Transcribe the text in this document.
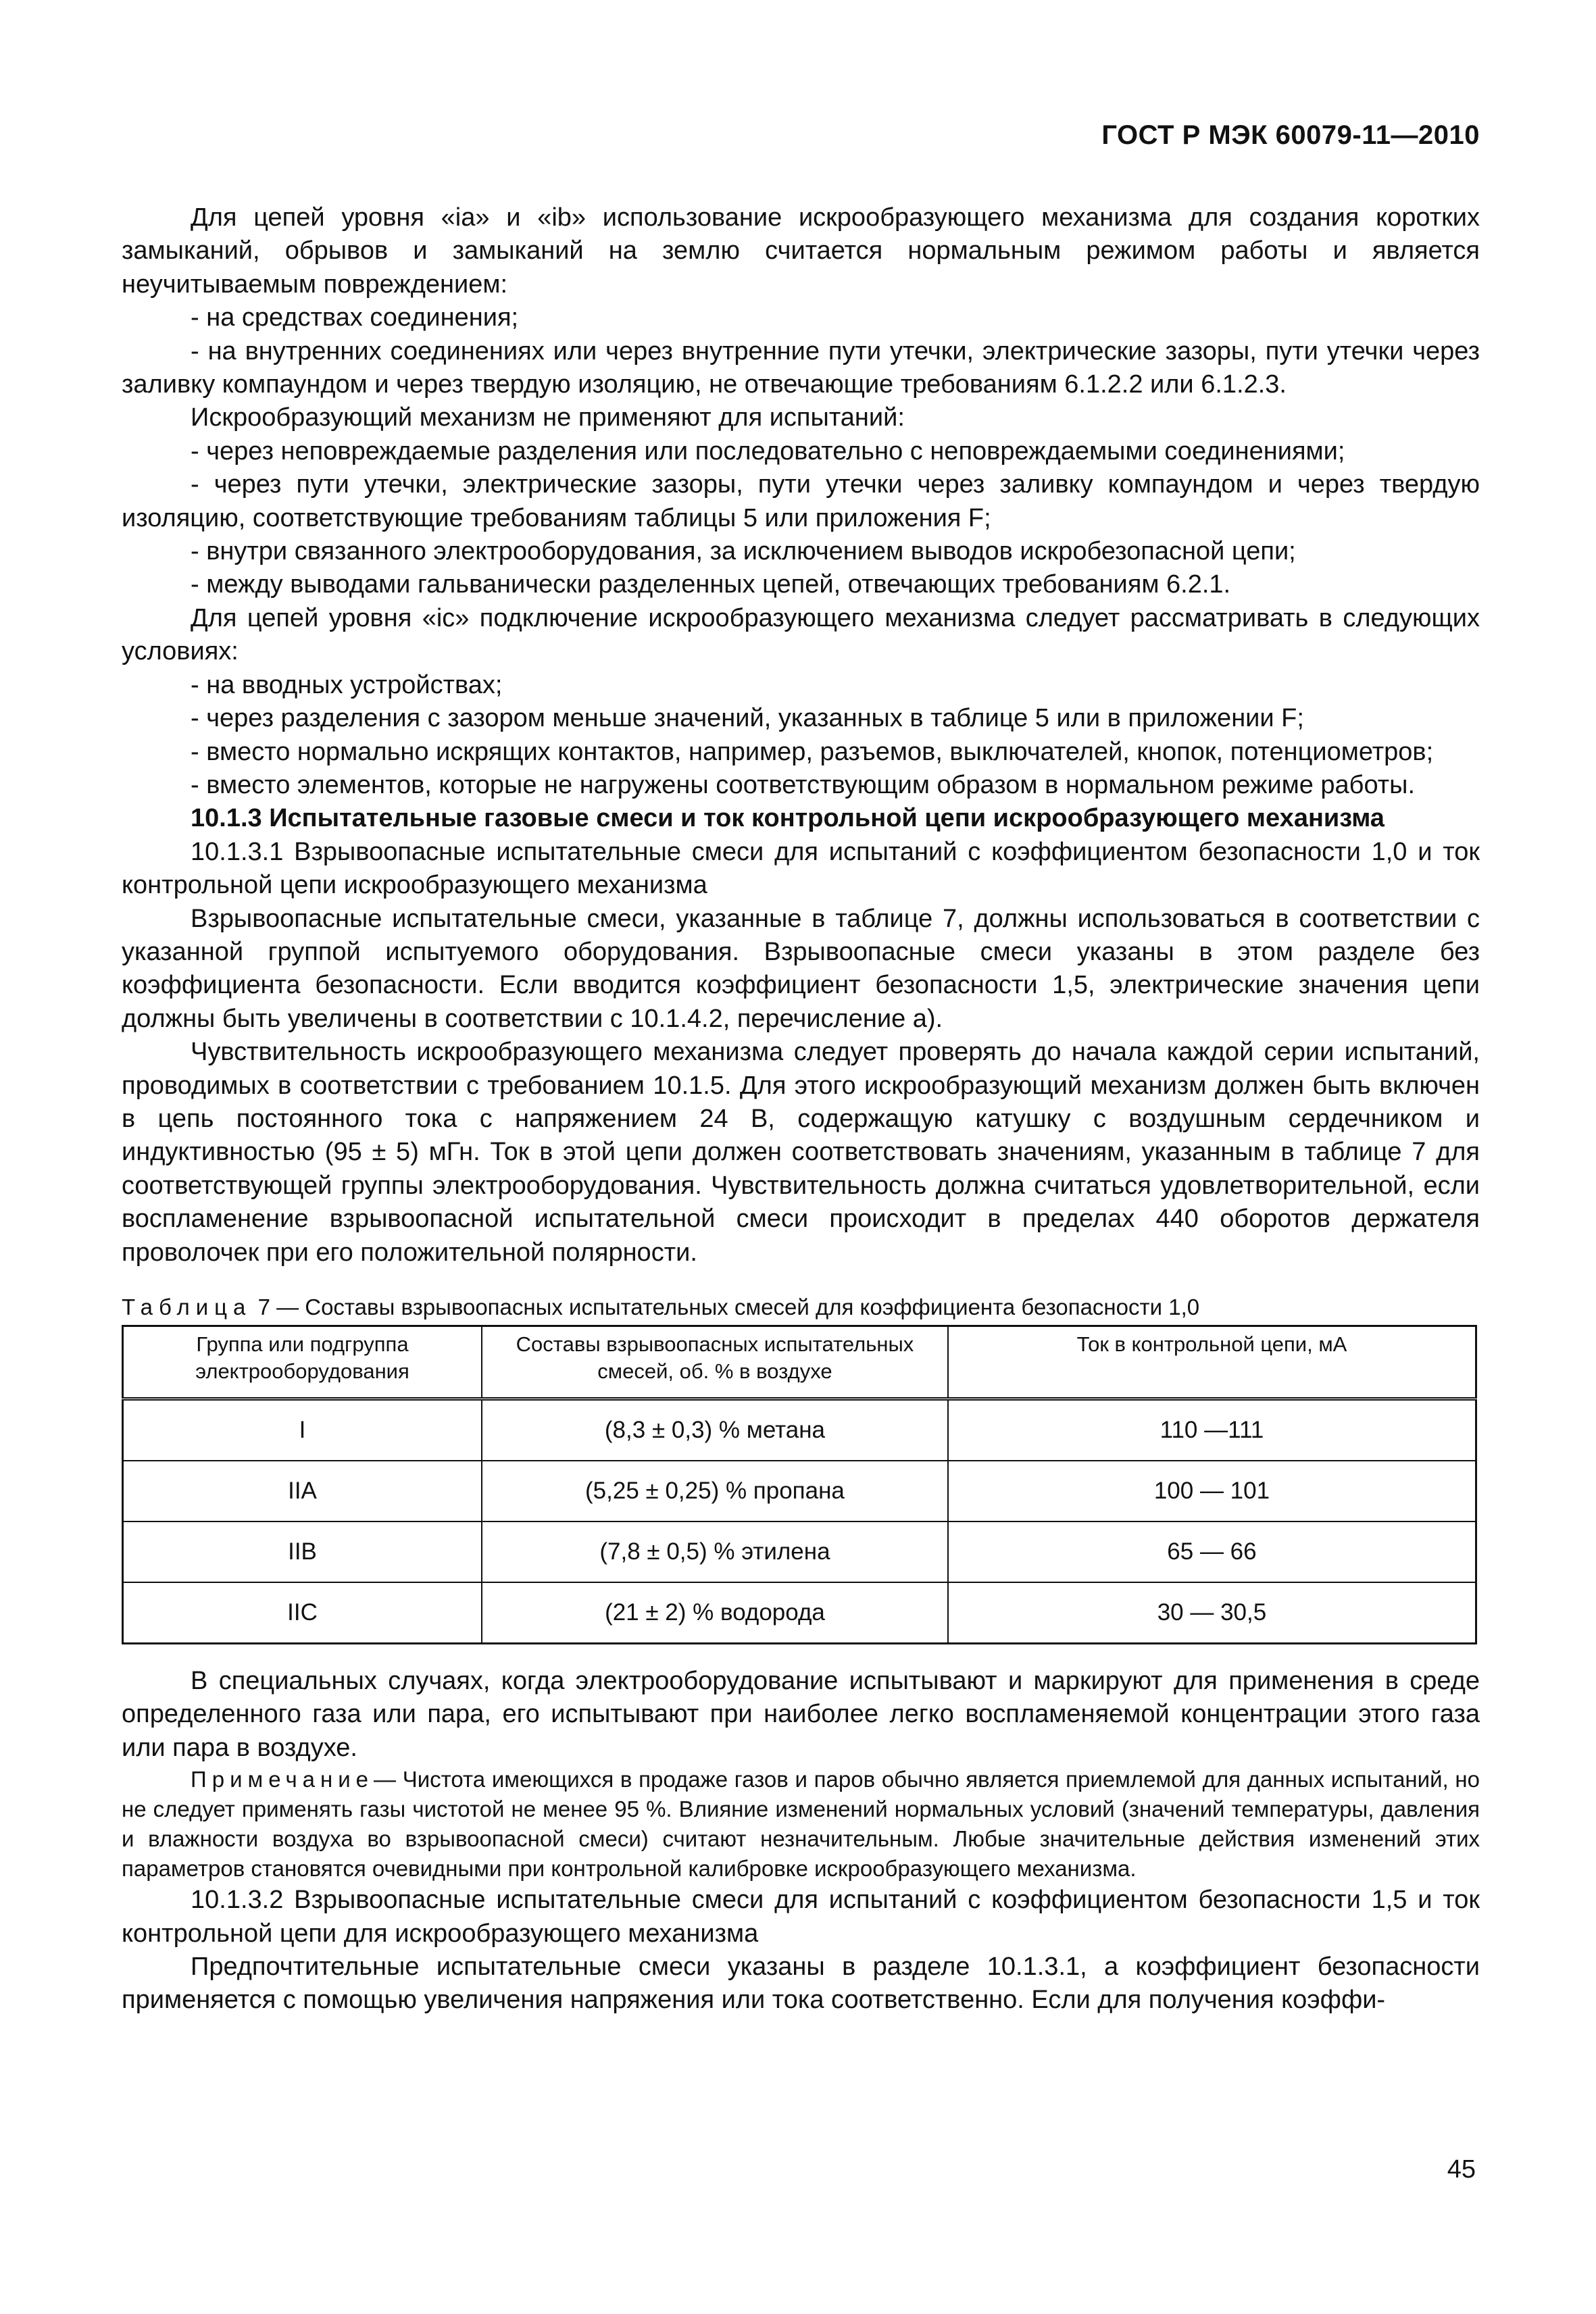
ГОСТ Р МЭК 60079-11—2010

Для цепей уровня «ia» и «ib» использование искрообразующего механизма для создания коротких замыканий, обрывов и замыканий на землю считается нормальным режимом работы и является неучитываемым повреждением:

- на средствах соединения;

- на внутренних соединениях или через внутренние пути утечки, электрические зазоры, пути утечки через заливку компаундом и через твердую изоляцию, не отвечающие требованиям 6.1.2.2 или 6.1.2.3.

Искрообразующий механизм не применяют для испытаний:

- через неповреждаемые разделения или последовательно с неповреждаемыми соединениями;

- через пути утечки, электрические зазоры, пути утечки через заливку компаундом и через твердую изоляцию, соответствующие требованиям таблицы 5 или приложения F;

- внутри связанного электрооборудования, за исключением выводов искробезопасной цепи;

- между выводами гальванически разделенных цепей, отвечающих требованиям 6.2.1.

Для цепей уровня «ic» подключение искрообразующего механизма следует рассматривать в следующих условиях:

- на вводных устройствах;

- через разделения с зазором меньше значений, указанных в таблице 5 или в приложении F;

- вместо нормально искрящих контактов, например, разъемов, выключателей, кнопок, потенциометров;

- вместо элементов, которые не нагружены соответствующим образом в нормальном режиме работы.

10.1.3 Испытательные газовые смеси и ток контрольной цепи искрообразующего механизма

10.1.3.1 Взрывоопасные испытательные смеси для испытаний с коэффициентом безопасности 1,0 и ток контрольной цепи искрообразующего механизма

Взрывоопасные испытательные смеси, указанные в таблице 7, должны использоваться в соответствии с указанной группой испытуемого оборудования. Взрывоопасные смеси указаны в этом разделе без коэффициента безопасности. Если вводится коэффициент безопасности 1,5, электрические значения цепи должны быть увеличены в соответствии с 10.1.4.2, перечисление а).

Чувствительность искрообразующего механизма следует проверять до начала каждой серии испытаний, проводимых в соответствии с требованием 10.1.5. Для этого искрообразующий механизм должен быть включен в цепь постоянного тока с напряжением 24 В, содержащую катушку с воздушным сердечником и индуктивностью (95 ± 5) мГн. Ток в этой цепи должен соответствовать значениям, указанным в таблице 7 для соответствующей группы электрооборудования. Чувствительность должна считаться удовлетворительной, если воспламенение взрывоопасной испытательной смеси происходит в пределах 440 оборотов держателя проволочек при его положительной полярности.

Таблица 7 — Составы взрывоопасных испытательных смесей для коэффициента безопасности 1,0

Группа или подгруппа электрооборудования	Составы взрывоопасных испытательных смесей, об. % в воздухе	Ток в контрольной цепи, мА
I	(8,3 ± 0,3) % метана	110 —111
IIA	(5,25 ± 0,25) % пропана	100 — 101
IIB	(7,8 ± 0,5) % этилена	65 — 66
IIC	(21 ± 2) % водорода	30 — 30,5

В специальных случаях, когда электрооборудование испытывают и маркируют для применения в среде определенного газа или пара, его испытывают при наиболее легко воспламеняемой концентрации этого газа или пара в воздухе.

Примечание— Чистота имеющихся в продаже газов и паров обычно является приемлемой для данных испытаний, но не следует применять газы чистотой не менее 95 %. Влияние изменений нормальных условий (значений температуры, давления и влажности воздуха во взрывоопасной смеси) считают незначительным. Любые значительные действия изменений этих параметров становятся очевидными при контрольной калибровке искрообразующего механизма.

10.1.3.2 Взрывоопасные испытательные смеси для испытаний с коэффициентом безопасности 1,5 и ток контрольной цепи для искрообразующего механизма

Предпочтительные испытательные смеси указаны в разделе 10.1.3.1, а коэффициент безопасности применяется с помощью увеличения напряжения или тока соответственно. Если для получения коэффи-

45
